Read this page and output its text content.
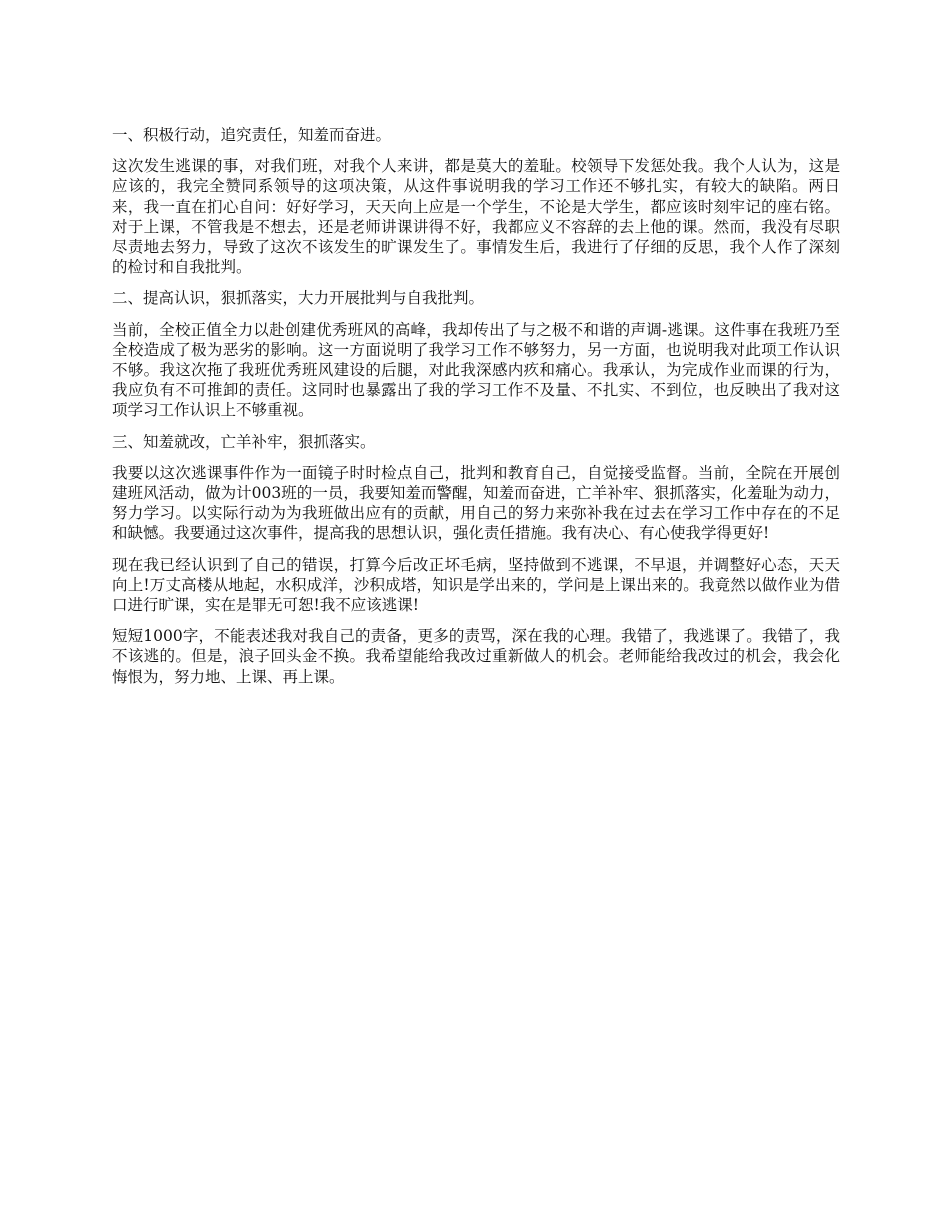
一、积极行动，追究责任，知羞而奋进。

这次发生逃课的事，对我们班，对我个人来讲，都是莫大的羞耻。校领导下发惩处我。我个人认为，这是应该的，我完全赞同系领导的这项决策，从这件事说明我的学习工作还不够扎实，有较大的缺陷。两日来，我一直在扪心自问：好好学习，天天向上应是一个学生，不论是大学生，都应该时刻牢记的座右铭。对于上课，不管我是不想去，还是老师讲课讲得不好，我都应义不容辞的去上他的课。然而，我没有尽职尽责地去努力，导致了这次不该发生的旷课发生了。事情发生后，我进行了仔细的反思，我个人作了深刻的检讨和自我批判。

二、提高认识，狠抓落实，大力开展批判与自我批判。

当前，全校正值全力以赴创建优秀班风的高峰，我却传出了与之极不和谐的声调-逃课。这件事在我班乃至全校造成了极为恶劣的影响。这一方面说明了我学习工作不够努力，另一方面，也说明我对此项工作认识不够。我这次拖了我班优秀班风建设的后腿，对此我深感内疚和痛心。我承认，为完成作业而课的行为，我应负有不可推卸的责任。这同时也暴露出了我的学习工作不及量、不扎实、不到位，也反映出了我对这项学习工作认识上不够重视。

三、知羞就改，亡羊补牢，狠抓落实。

我要以这次逃课事件作为一面镜子时时检点自己，批判和教育自己，自觉接受监督。当前，全院在开展创建班风活动，做为计003班的一员，我要知羞而警醒，知羞而奋进，亡羊补牢、狠抓落实，化羞耻为动力，努力学习。以实际行动为为我班做出应有的贡献，用自己的努力来弥补我在过去在学习工作中存在的不足和缺憾。我要通过这次事件，提高我的思想认识，强化责任措施。我有决心、有心使我学得更好!

现在我已经认识到了自己的错误，打算今后改正坏毛病，坚持做到不逃课，不早退，并调整好心态，天天向上!万丈高楼从地起，水积成洋，沙积成塔，知识是学出来的，学问是上课出来的。我竟然以做作业为借口进行旷课，实在是罪无可恕!我不应该逃课!

短短1000字，不能表述我对我自己的责备，更多的责骂，深在我的心理。我错了，我逃课了。我错了，我不该逃的。但是，浪子回头金不换。我希望能给我改过重新做人的机会。老师能给我改过的机会，我会化悔恨为，努力地、上课、再上课。
